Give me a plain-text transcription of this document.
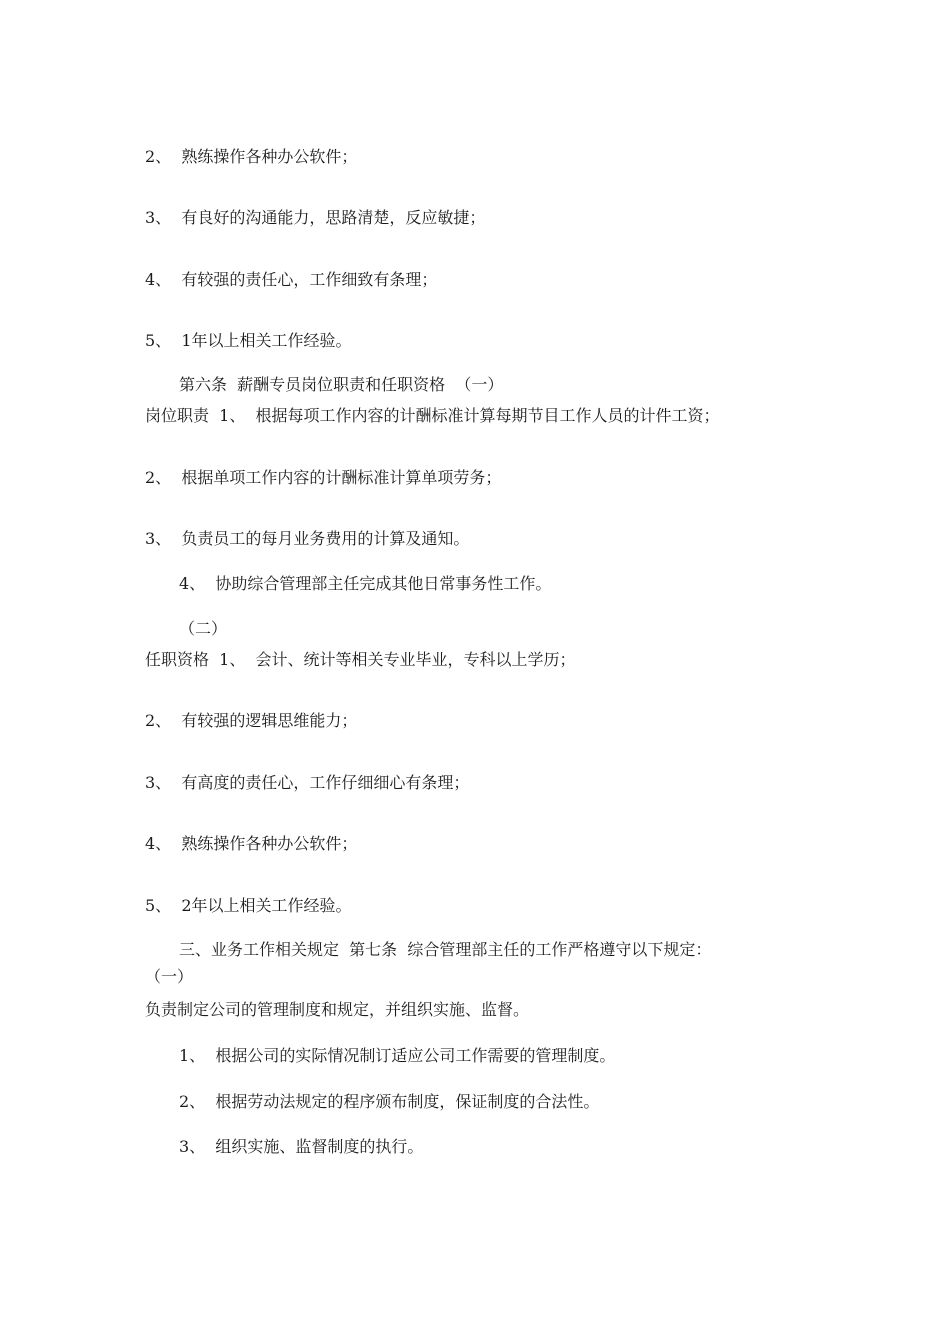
2、  熟练操作各种办公软件；
3、  有良好的沟通能力，思路清楚，反应敏捷；
4、  有较强的责任心，工作细致有条理；
5、  1年以上相关工作经验。
第六条  薪酬专员岗位职责和任职资格  （一）
岗位职责  1、  根据每项工作内容的计酬标准计算每期节目工作人员的计件工资；
2、  根据单项工作内容的计酬标准计算单项劳务；
3、  负责员工的每月业务费用的计算及通知。
4、  协助综合管理部主任完成其他日常事务性工作。
（二）
任职资格  1、  会计、统计等相关专业毕业，专科以上学历；
2、  有较强的逻辑思维能力；
3、  有高度的责任心，工作仔细细心有条理；
4、  熟练操作各种办公软件；
5、  2年以上相关工作经验。
三、业务工作相关规定  第七条  综合管理部主任的工作严格遵守以下规定：
（一）
负责制定公司的管理制度和规定，并组织实施、监督。
1、  根据公司的实际情况制订适应公司工作需要的管理制度。
2、  根据劳动法规定的程序颁布制度，保证制度的合法性。
3、  组织实施、监督制度的执行。
